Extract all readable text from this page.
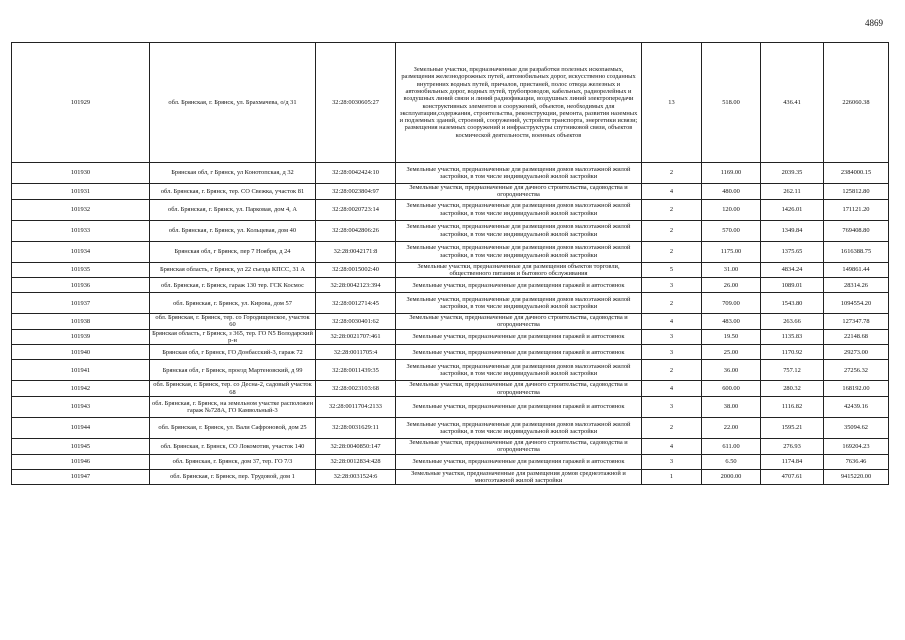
4869
101929	обл. Брянская, г. Брянск, ул. Брахмачева, о/д 31	32:28:0030605:27	Земельные участки, предназначенные для разработки полезных ископаемых, размещения железнодорожных путей, автомобильных дорог, искусственно созданных внутренних водных путей, причалов, пристаней, полос отвода железных и автомобильных дорог, водных путей, трубопроводов, кабельных, радиорелейных и воздушных линий связи и линий радиофикации, воздушных линий электропередачи конструктивных элементов и сооружений, объектов, необходимых для эксплуатации,содержания, строительства, реконструкции, ремонта, развития наземных и подземных зданий, строений, сооружений, устройств транспорта, энергетики исвязи; размещения наземных сооружений и инфраструктуры спутниковой связи, объектов космической деятельности, военных объектов	13	518.00	436.41	226060.38
101930	Брянская обл, г Брянск, ул Конотопская, д 32	32:28:0042424:10	Земельные участки, предназначенные для размещения домов малоэтажной жилой застройки, в том числе индивидуальной жилой застройки	2	1169.00	2039.35	2384000.15
101931	обл. Брянская, г. Брянск, тер. СО Свежка, участок 81	32:28:0023804:97	Земельные участки, предназначенные для дачного строительства, садоводства и огородничества	4	480.00	262.11	125812.80
101932	обл. Брянская, г. Брянск, ул. Парковая, дом 4, А	32:28:0020723:14	Земельные участки, предназначенные для размещения домов малоэтажной жилой застройки, в том числе индивидуальной жилой застройки	2	120.00	1426.01	171121.20
101933	обл. Брянская, г. Брянск, ул. Кольцевая, дом 40	32:28:0042806:26	Земельные участки, предназначенные для размещения домов малоэтажной жилой застройки, в том числе индивидуальной жилой застройки	2	570.00	1349.84	769408.80
101934	Брянская обл, г Брянск, пер 7 Ноября, д 24	32:28:0042171:8	Земельные участки, предназначенные для размещения домов малоэтажной жилой застройки, в том числе индивидуальной жилой застройки	2	1175.00	1375.65	1616388.75
101935	Брянская область, г Брянск, ул 22 съезда КПСС, 31 А	32:28:0015002:40	Земельные участки, предназначенные для размещения объектов торговли, общественного питания и бытового обслуживания	5	31.00	4834.24	149861.44
101936	обл. Брянская, г. Брянск, гараж 130 тер. ГСК Космос	32:28:0042123:394	Земельные участки, предназначенные для размещения гаражей и автостоянок	3	26.00	1089.01	28314.26
101937	обл. Брянская, г. Брянск, ул. Кирова, дом 57	32:28:0012714:45	Земельные участки, предназначенные для размещения домов малоэтажной жилой застройки, в том числе индивидуальной жилой застройки	2	709.00	1543.80	1094554.20
101938	обл. Брянская, г. Брянск, тер. со Городищенское, участок 60	32:28:0030401:62	Земельные участки, предназначенные для дачного строительства, садоводства и огородничества	4	483.00	263.66	127347.78
101939	Брянская область, г Брянск, з 365, тер. ГО N5 Володарский р-н	32:28:0021707:461	Земельные участки, предназначенные для размещения гаражей и автостоянок	3	19.50	1135.83	22148.68
101940	Брянская обл, г Брянск, ГО Донбасский-3, гараж 72	32:28:0011705:4	Земельные участки, предназначенные для размещения гаражей и автостоянок	3	25.00	1170.92	29273.00
101941	Брянская обл, г Брянск, проезд Мартеновский, д 99	32:28:0011439:35	Земельные участки, предназначенные для размещения домов малоэтажной жилой застройки, в том числе индивидуальной жилой застройки	2	36.00	757.12	27256.32
101942	обл. Брянская, г. Брянск, тер. со Десна-2, садовый участок 68	32:28:0023103:68	Земельные участки, предназначенные для дачного строительства, садоводства и огородничества	4	600.00	280.32	168192.00
101943	обл. Брянская, г. Брянск, на земельном участке расположен гараж №728А, ГО Камвольный-3	32:28:0011704:2133	Земельные участки, предназначенные для размещения гаражей и автостоянок	3	38.00	1116.82	42439.16
101944	обл. Брянская, г. Брянск, ул. Вали Сафроновой, дом 25	32:28:0031629:11	Земельные участки, предназначенные для размещения домов малоэтажной жилой застройки, в том числе индивидуальной жилой застройки	2	22.00	1595.21	35094.62
101945	обл. Брянская, г. Брянск, СО Локомотив, участок 140	32:28:0040850:147	Земельные участки, предназначенные для дачного строительства, садоводства и огородничества	4	611.00	276.93	169204.23
101946	обл. Брянская, г. Брянск, дом 37, тер. ГО 7/3	32:28:0012834:428	Земельные участки, предназначенные для размещения гаражей и автостоянок	3	6.50	1174.84	7636.46
101947	обл. Брянская, г. Брянск, пер. Трудовой, дом 1	32:28:0031524:6	Земельные участки, предназначенные для размещения домов среднеэтажной и многоэтажной жилой застройки	1	2000.00	4707.61	9415220.00
